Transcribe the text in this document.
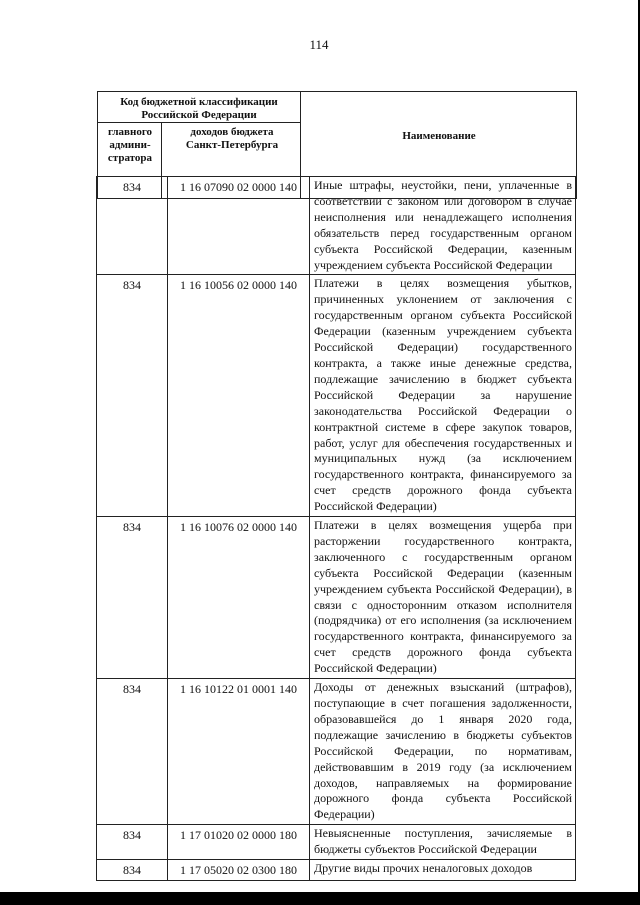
114
Код бюджетной классификации Российской Федерации
главного админи-стратора
доходов бюджета Санкт-Петербурга
Наименование
834	1 16 07090 02 0000 140	Иные штрафы, неустойки, пени, уплаченные в соответствии с законом или договором в случае неисполнения или ненадлежащего исполнения обязательств перед государственным органом субъекта Российской Федерации, казенным учреждением субъекта Российской Федерации
834	1 16 10056 02 0000 140	Платежи в целях возмещения убытков, причиненных уклонением от заключения с государственным органом субъекта Российской Федерации (казенным учреждением субъекта Российской Федерации) государственного контракта, а также иные денежные средства, подлежащие зачислению в бюджет субъекта Российской Федерации за нарушение законодательства Российской Федерации о контрактной системе в сфере закупок товаров, работ, услуг для обеспечения государственных и муниципальных нужд (за исключением государственного контракта, финансируемого за счет средств дорожного фонда субъекта Российской Федерации)
834	1 16 10076 02 0000 140	Платежи в целях возмещения ущерба при расторжении государственного контракта, заключенного с государственным органом субъекта Российской Федерации (казенным учреждением субъекта Российской Федерации), в связи с односторонним отказом исполнителя (подрядчика) от его исполнения (за исключением государственного контракта, финансируемого за счет средств дорожного фонда субъекта Российской Федерации)
834	1 16 10122 01 0001 140	Доходы от денежных взысканий (штрафов), поступающие в счет погашения задолженности, образовавшейся до 1 января 2020 года, подлежащие зачислению в бюджеты субъектов Российской Федерации, по нормативам, действовавшим в 2019 году (за исключением доходов, направляемых на формирование дорожного фонда субъекта Российской Федерации)
834	1 17 01020 02 0000 180	Невыясненные поступления, зачисляемые в бюджеты субъектов Российской Федерации
834	1 17 05020 02 0300 180	Другие виды прочих неналоговых доходов
